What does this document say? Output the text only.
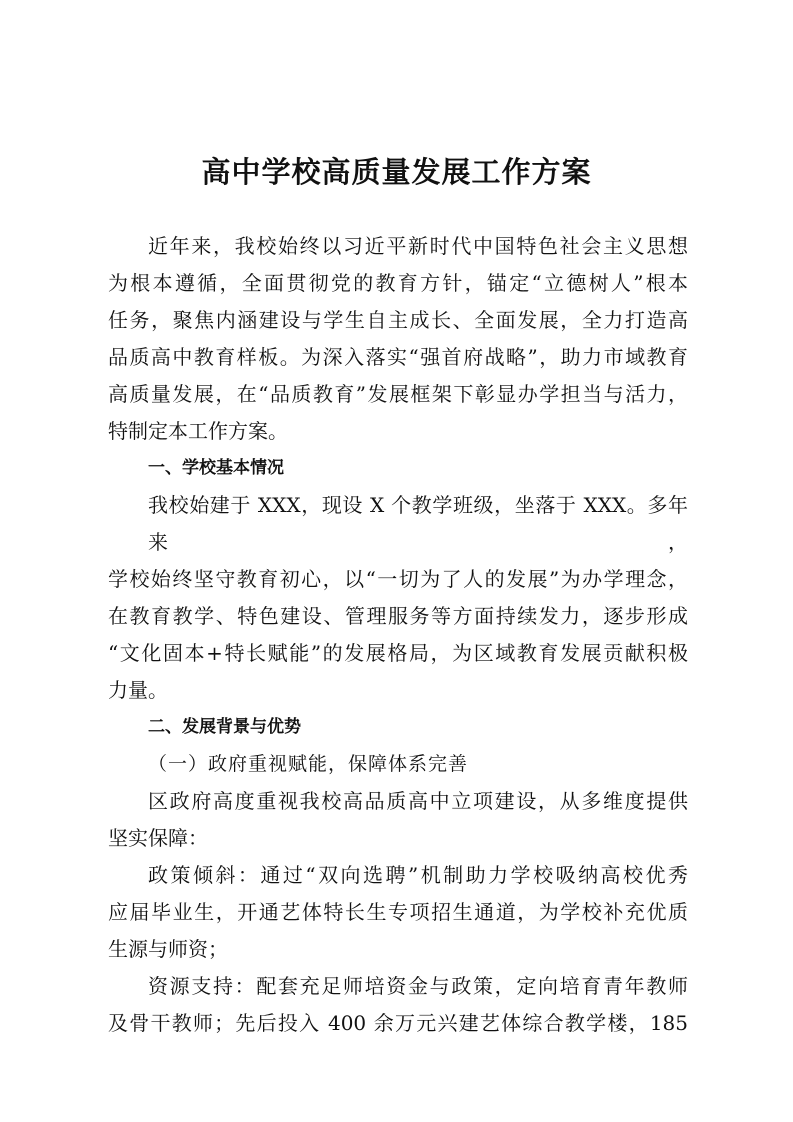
高中学校高质量发展工作方案
近年来，我校始终以习近平新时代中国特色社会主义思想
为根本遵循，全面贯彻党的教育方针，锚定“立德树人”根本
任务，聚焦内涵建设与学生自主成长、全面发展，全力打造高
品质高中教育样板。为深入落实“强首府战略”，助力市域教育
高质量发展，在“品质教育”发展框架下彰显办学担当与活力，
特制定本工作方案。
一、学校基本情况
我校始建于 XXX，现设 X 个教学班级，坐落于 XXX。多年来，
学校始终坚守教育初心，以“一切为了人的发展”为办学理念，
在教育教学、特色建设、管理服务等方面持续发力，逐步形成
“文化固本+特长赋能”的发展格局，为区域教育发展贡献积极
力量。
二、发展背景与优势
（一）政府重视赋能，保障体系完善
区政府高度重视我校高品质高中立项建设，从多维度提供
坚实保障：
政策倾斜：通过“双向选聘”机制助力学校吸纳高校优秀
应届毕业生，开通艺体特长生专项招生通道，为学校补充优质
生源与师资；
资源支持：配套充足师培资金与政策，定向培育青年教师
及骨干教师；先后投入 400 余万元兴建艺体综合教学楼，185
